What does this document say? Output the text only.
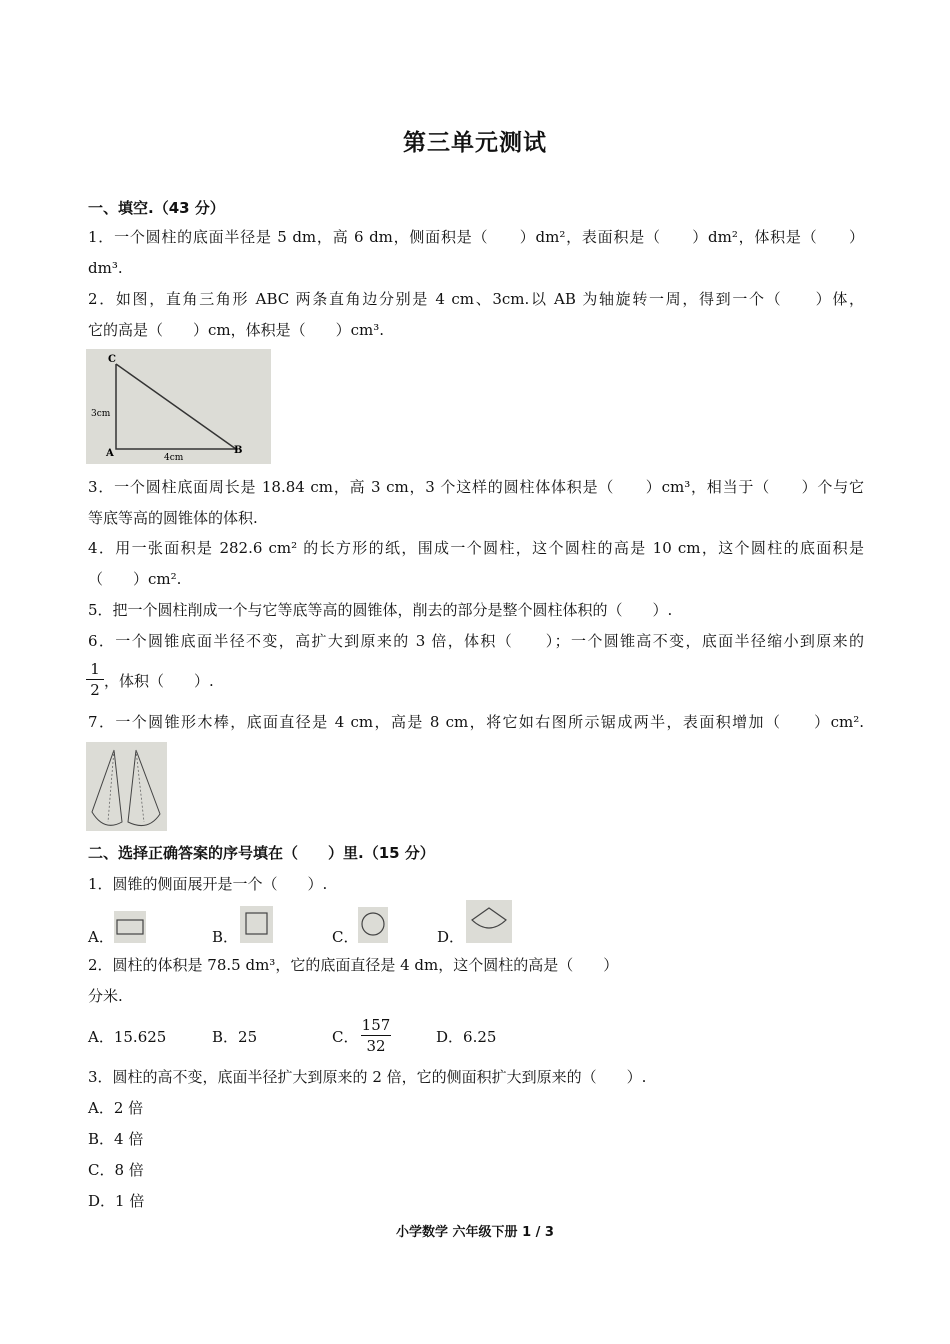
第三单元测试
一、填空.（43 分）
1．一个圆柱的底面半径是 5 dm，高 6 dm，侧面积是（　　）dm²，表面积是（　　）dm²，体积是（　　）
dm³.
2．如图，直角三角形 ABC 两条直角边分别是 4 cm、3cm.以 AB 为轴旋转一周，得到一个（　　）体，
它的高是（　　）cm，体积是（　　）cm³.
C
A	B
3cm
4cm
3．一个圆柱底面周长是 18.84 cm，高 3 cm，3 个这样的圆柱体体积是（　　）cm³，相当于（　　）个与它
等底等高的圆锥体的体积.
4．用一张面积是 282.6 cm² 的长方形的纸，围成一个圆柱，这个圆柱的高是 10 cm，这个圆柱的底面积是
（　　）cm².
5．把一个圆柱削成一个与它等底等高的圆锥体，削去的部分是整个圆柱体积的（　　）.
6．一个圆锥底面半径不变，高扩大到原来的 3 倍，体积（　　）；一个圆锥高不变，底面半径缩小到原来的
1
2 ，体积（　　）.
7．一个圆锥形木棒，底面直径是 4 cm，高是 8 cm，将它如右图所示锯成两半，表面积增加（　　）cm².
二、选择正确答案的序号填在（　　）里.（15 分）
1．圆锥的侧面展开是一个（　　）.
A．	B．	C．	D．
2．圆柱的体积是 78.5 dm³，它的底面直径是 4 dm，这个圆柱的高是（　　）
分米.
A．15.625	B．25	C．
157
32	D．6.25
3．圆柱的高不变，底面半径扩大到原来的 2 倍，它的侧面积扩大到原来的（　　）.
A．2 倍
B．4 倍
C．8 倍
D．1 倍
小学数学 六年级下册 1 / 3
